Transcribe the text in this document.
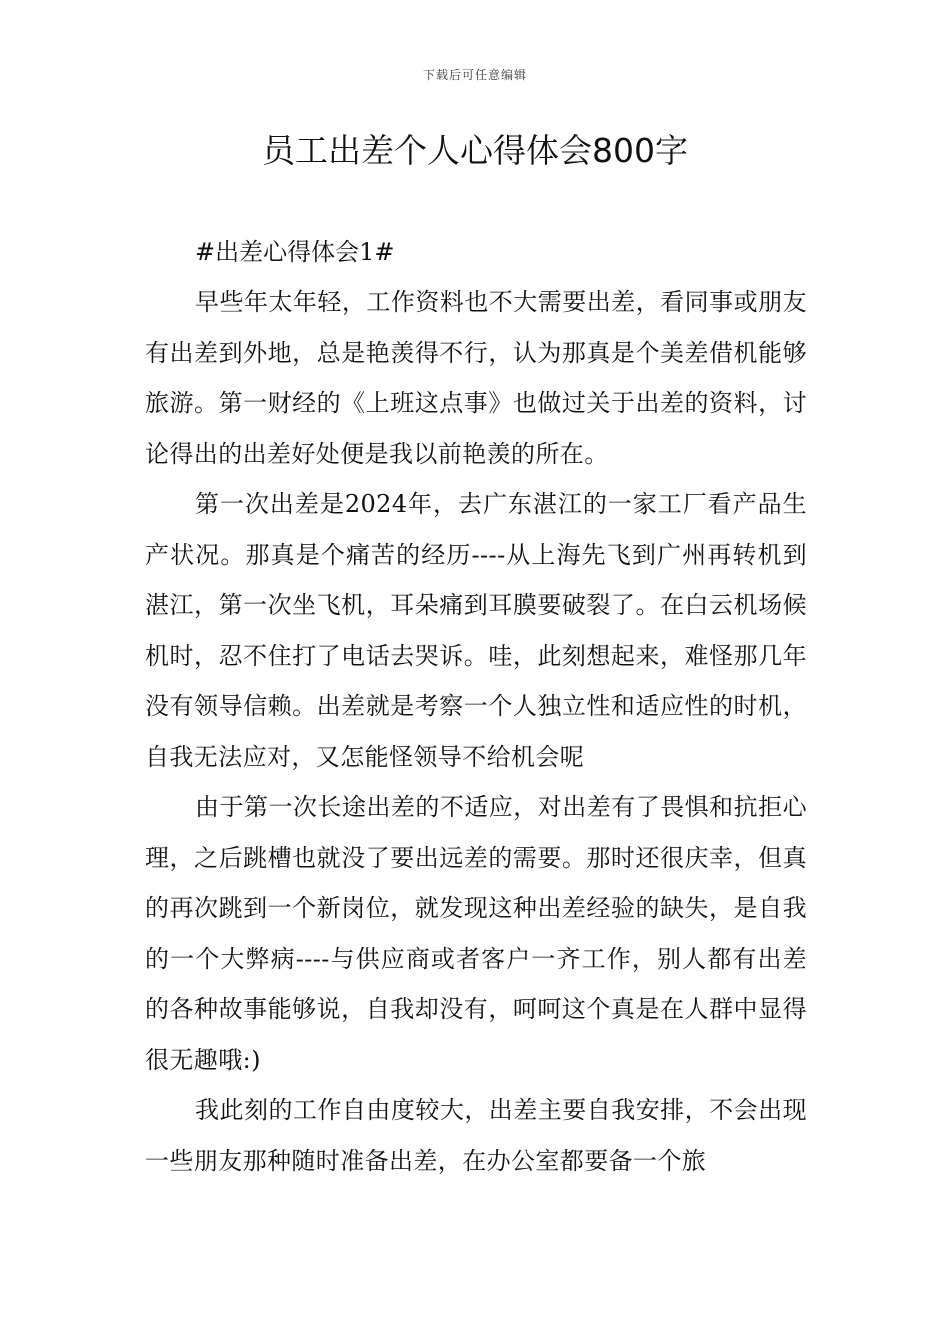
下载后可任意编辑
员工出差个人心得体会800字

#出差心得体会1#

早些年太年轻，工作资料也不大需要出差，看同事或朋友有出差到外地，总是艳羡得不行，认为那真是个美差借机能够旅游。第一财经的《上班这点事》也做过关于出差的资料，讨论得出的出差好处便是我以前艳羡的所在。

第一次出差是2024年，去广东湛江的一家工厂看产品生产状况。那真是个痛苦的经历----从上海先飞到广州再转机到湛江，第一次坐飞机，耳朵痛到耳膜要破裂了。在白云机场候机时，忍不住打了电话去哭诉。哇，此刻想起来，难怪那几年没有领导信赖。出差就是考察一个人独立性和适应性的时机，自我无法应对，又怎能怪领导不给机会呢

由于第一次长途出差的不适应，对出差有了畏惧和抗拒心理，之后跳槽也就没了要出远差的需要。那时还很庆幸，但真的再次跳到一个新岗位，就发现这种出差经验的缺失，是自我的一个大弊病----与供应商或者客户一齐工作，别人都有出差的各种故事能够说，自我却没有，呵呵这个真是在人群中显得很无趣哦:)

我此刻的工作自由度较大，出差主要自我安排，不会出现一些朋友那种随时准备出差，在办公室都要备一个旅
